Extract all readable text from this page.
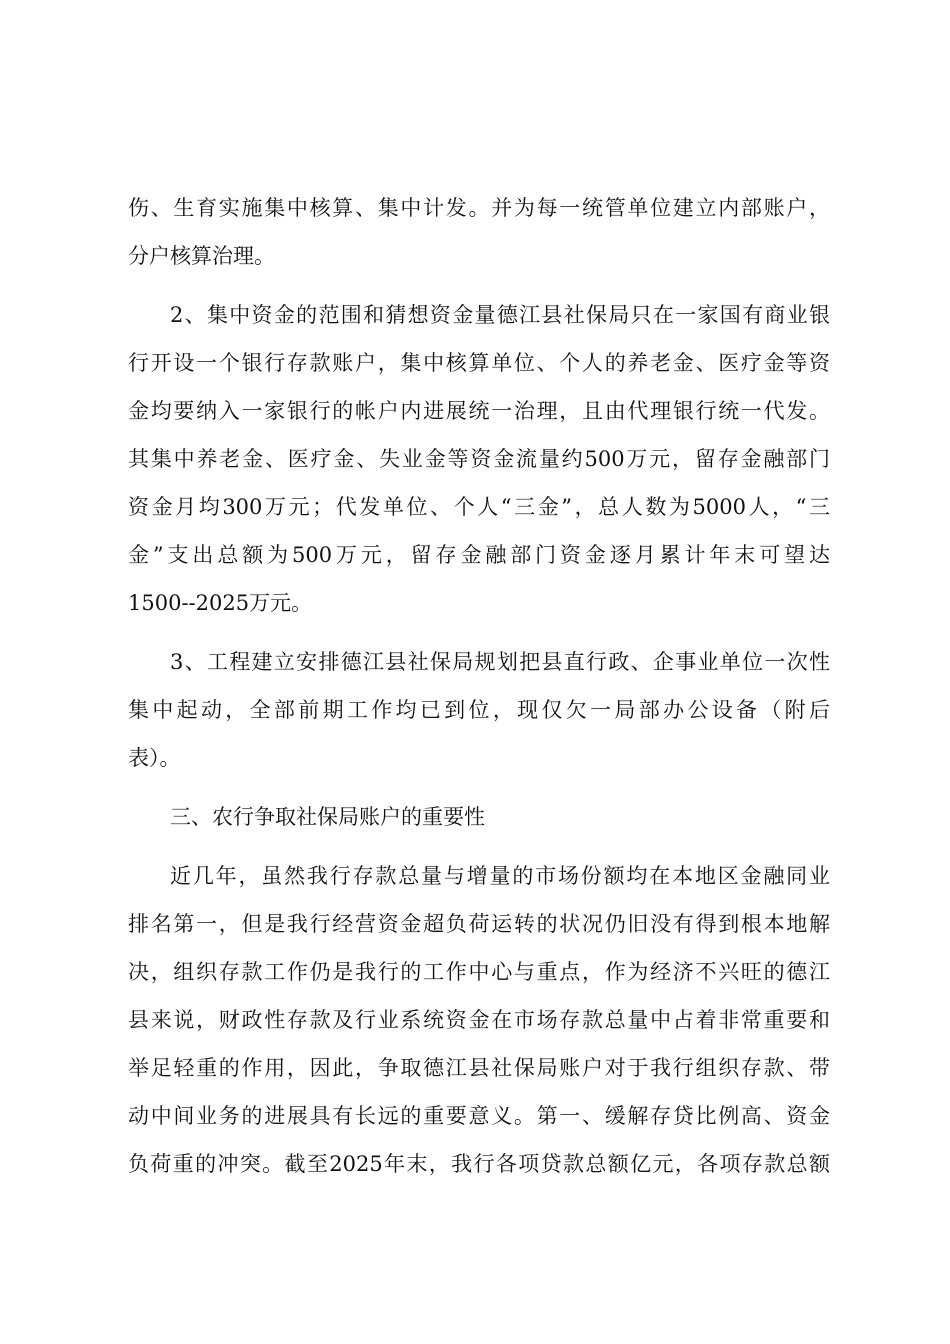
伤、生育实施集中核算、集中计发。并为每一统管单位建立内部账户，
分户核算治理。
2、集中资金的范围和猜想资金量德江县社保局只在一家国有商业银
行开设一个银行存款账户，集中核算单位、个人的养老金、医疗金等资
金均要纳入一家银行的帐户内进展统一治理，且由代理银行统一代发。
其集中养老金、医疗金、失业金等资金流量约500万元，留存金融部门
资金月均300万元；代发单位、个人“三金”，总人数为5000人，“三
金”支出总额为500万元，留存金融部门资金逐月累计年末可望达
1500--2025万元。
3、工程建立安排德江县社保局规划把县直行政、企事业单位一次性
集中起动，全部前期工作均已到位，现仅欠一局部办公设备（附后
表）。
三、农行争取社保局账户的重要性
近几年，虽然我行存款总量与增量的市场份额均在本地区金融同业
排名第一，但是我行经营资金超负荷运转的状况仍旧没有得到根本地解
决，组织存款工作仍是我行的工作中心与重点，作为经济不兴旺的德江
县来说，财政性存款及行业系统资金在市场存款总量中占着非常重要和
举足轻重的作用，因此，争取德江县社保局账户对于我行组织存款、带
动中间业务的进展具有长远的重要意义。第一、缓解存贷比例高、资金
负荷重的冲突。截至2025年末，我行各项贷款总额亿元，各项存款总额
